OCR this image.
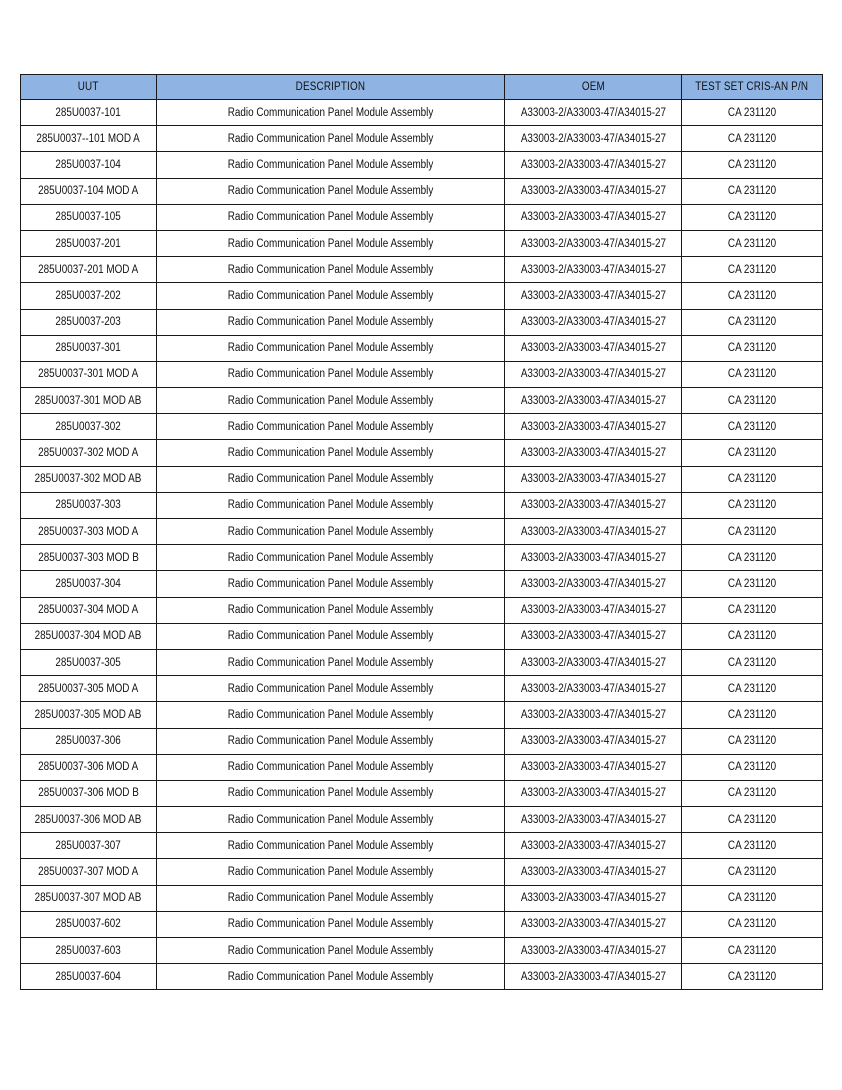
UUT	DESCRIPTION	OEM	TEST SET CRIS-AN P/N
285U0037-101	Radio Communication Panel Module Assembly	A33003-2/A33003-47/A34015-27	CA 231120
285U0037--101 MOD A	Radio Communication Panel Module Assembly	A33003-2/A33003-47/A34015-27	CA 231120
285U0037-104	Radio Communication Panel Module Assembly	A33003-2/A33003-47/A34015-27	CA 231120
285U0037-104 MOD A	Radio Communication Panel Module Assembly	A33003-2/A33003-47/A34015-27	CA 231120
285U0037-105	Radio Communication Panel Module Assembly	A33003-2/A33003-47/A34015-27	CA 231120
285U0037-201	Radio Communication Panel Module Assembly	A33003-2/A33003-47/A34015-27	CA 231120
285U0037-201 MOD A	Radio Communication Panel Module Assembly	A33003-2/A33003-47/A34015-27	CA 231120
285U0037-202	Radio Communication Panel Module Assembly	A33003-2/A33003-47/A34015-27	CA 231120
285U0037-203	Radio Communication Panel Module Assembly	A33003-2/A33003-47/A34015-27	CA 231120
285U0037-301	Radio Communication Panel Module Assembly	A33003-2/A33003-47/A34015-27	CA 231120
285U0037-301 MOD A	Radio Communication Panel Module Assembly	A33003-2/A33003-47/A34015-27	CA 231120
285U0037-301 MOD AB	Radio Communication Panel Module Assembly	A33003-2/A33003-47/A34015-27	CA 231120
285U0037-302	Radio Communication Panel Module Assembly	A33003-2/A33003-47/A34015-27	CA 231120
285U0037-302 MOD A	Radio Communication Panel Module Assembly	A33003-2/A33003-47/A34015-27	CA 231120
285U0037-302 MOD AB	Radio Communication Panel Module Assembly	A33003-2/A33003-47/A34015-27	CA 231120
285U0037-303	Radio Communication Panel Module Assembly	A33003-2/A33003-47/A34015-27	CA 231120
285U0037-303 MOD A	Radio Communication Panel Module Assembly	A33003-2/A33003-47/A34015-27	CA 231120
285U0037-303 MOD B	Radio Communication Panel Module Assembly	A33003-2/A33003-47/A34015-27	CA 231120
285U0037-304	Radio Communication Panel Module Assembly	A33003-2/A33003-47/A34015-27	CA 231120
285U0037-304 MOD A	Radio Communication Panel Module Assembly	A33003-2/A33003-47/A34015-27	CA 231120
285U0037-304 MOD AB	Radio Communication Panel Module Assembly	A33003-2/A33003-47/A34015-27	CA 231120
285U0037-305	Radio Communication Panel Module Assembly	A33003-2/A33003-47/A34015-27	CA 231120
285U0037-305 MOD A	Radio Communication Panel Module Assembly	A33003-2/A33003-47/A34015-27	CA 231120
285U0037-305 MOD AB	Radio Communication Panel Module Assembly	A33003-2/A33003-47/A34015-27	CA 231120
285U0037-306	Radio Communication Panel Module Assembly	A33003-2/A33003-47/A34015-27	CA 231120
285U0037-306 MOD A	Radio Communication Panel Module Assembly	A33003-2/A33003-47/A34015-27	CA 231120
285U0037-306 MOD B	Radio Communication Panel Module Assembly	A33003-2/A33003-47/A34015-27	CA 231120
285U0037-306 MOD AB	Radio Communication Panel Module Assembly	A33003-2/A33003-47/A34015-27	CA 231120
285U0037-307	Radio Communication Panel Module Assembly	A33003-2/A33003-47/A34015-27	CA 231120
285U0037-307 MOD A	Radio Communication Panel Module Assembly	A33003-2/A33003-47/A34015-27	CA 231120
285U0037-307 MOD AB	Radio Communication Panel Module Assembly	A33003-2/A33003-47/A34015-27	CA 231120
285U0037-602	Radio Communication Panel Module Assembly	A33003-2/A33003-47/A34015-27	CA 231120
285U0037-603	Radio Communication Panel Module Assembly	A33003-2/A33003-47/A34015-27	CA 231120
285U0037-604	Radio Communication Panel Module Assembly	A33003-2/A33003-47/A34015-27	CA 231120
